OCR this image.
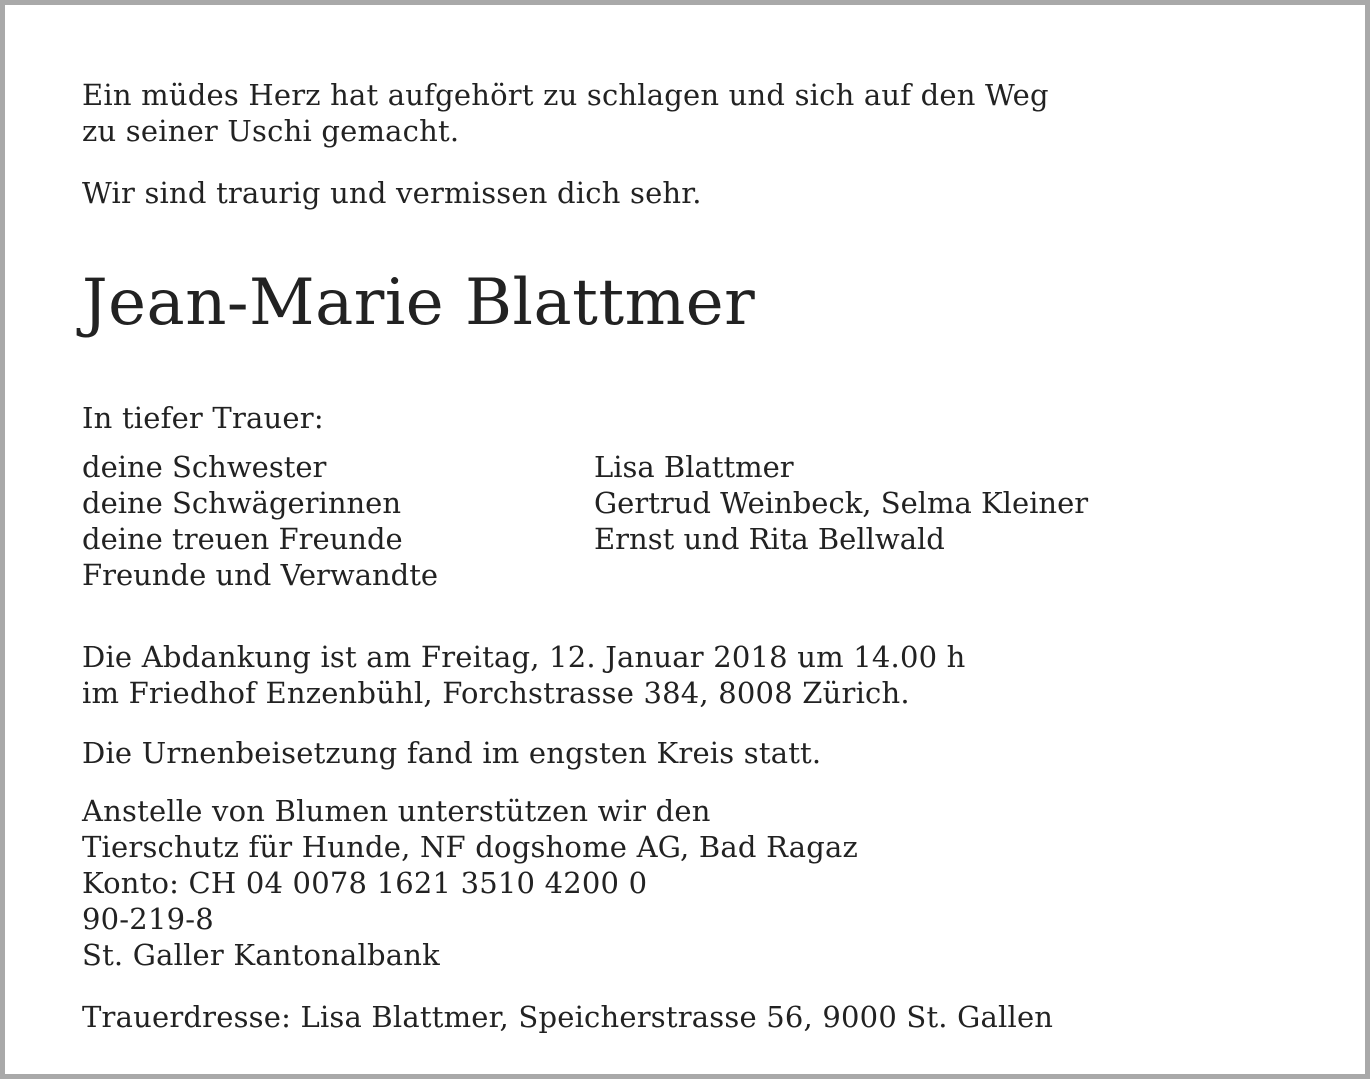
Ein müdes Herz hat aufgehört zu schlagen und sich auf den Weg
zu seiner Uschi gemacht.

Wir sind traurig und vermissen dich sehr.

Jean-Marie Blattmer

In tiefer Trauer:

deine Schwester	Lisa Blattmer
deine Schwägerinnen	Gertrud Weinbeck, Selma Kleiner
deine treuen Freunde	Ernst und Rita Bellwald
Freunde und Verwandte

Die Abdankung ist am Freitag, 12. Januar 2018 um 14.00 h
im Friedhof Enzenbühl, Forchstrasse 384, 8008 Zürich.

Die Urnenbeisetzung fand im engsten Kreis statt.

Anstelle von Blumen unterstützen wir den
Tierschutz für Hunde, NF dogshome AG, Bad Ragaz
Konto: CH 04 0078 1621 3510 4200 0
90-219-8
St. Galler Kantonalbank

Trauerdresse: Lisa Blattmer, Speicherstrasse 56, 9000 St. Gallen
